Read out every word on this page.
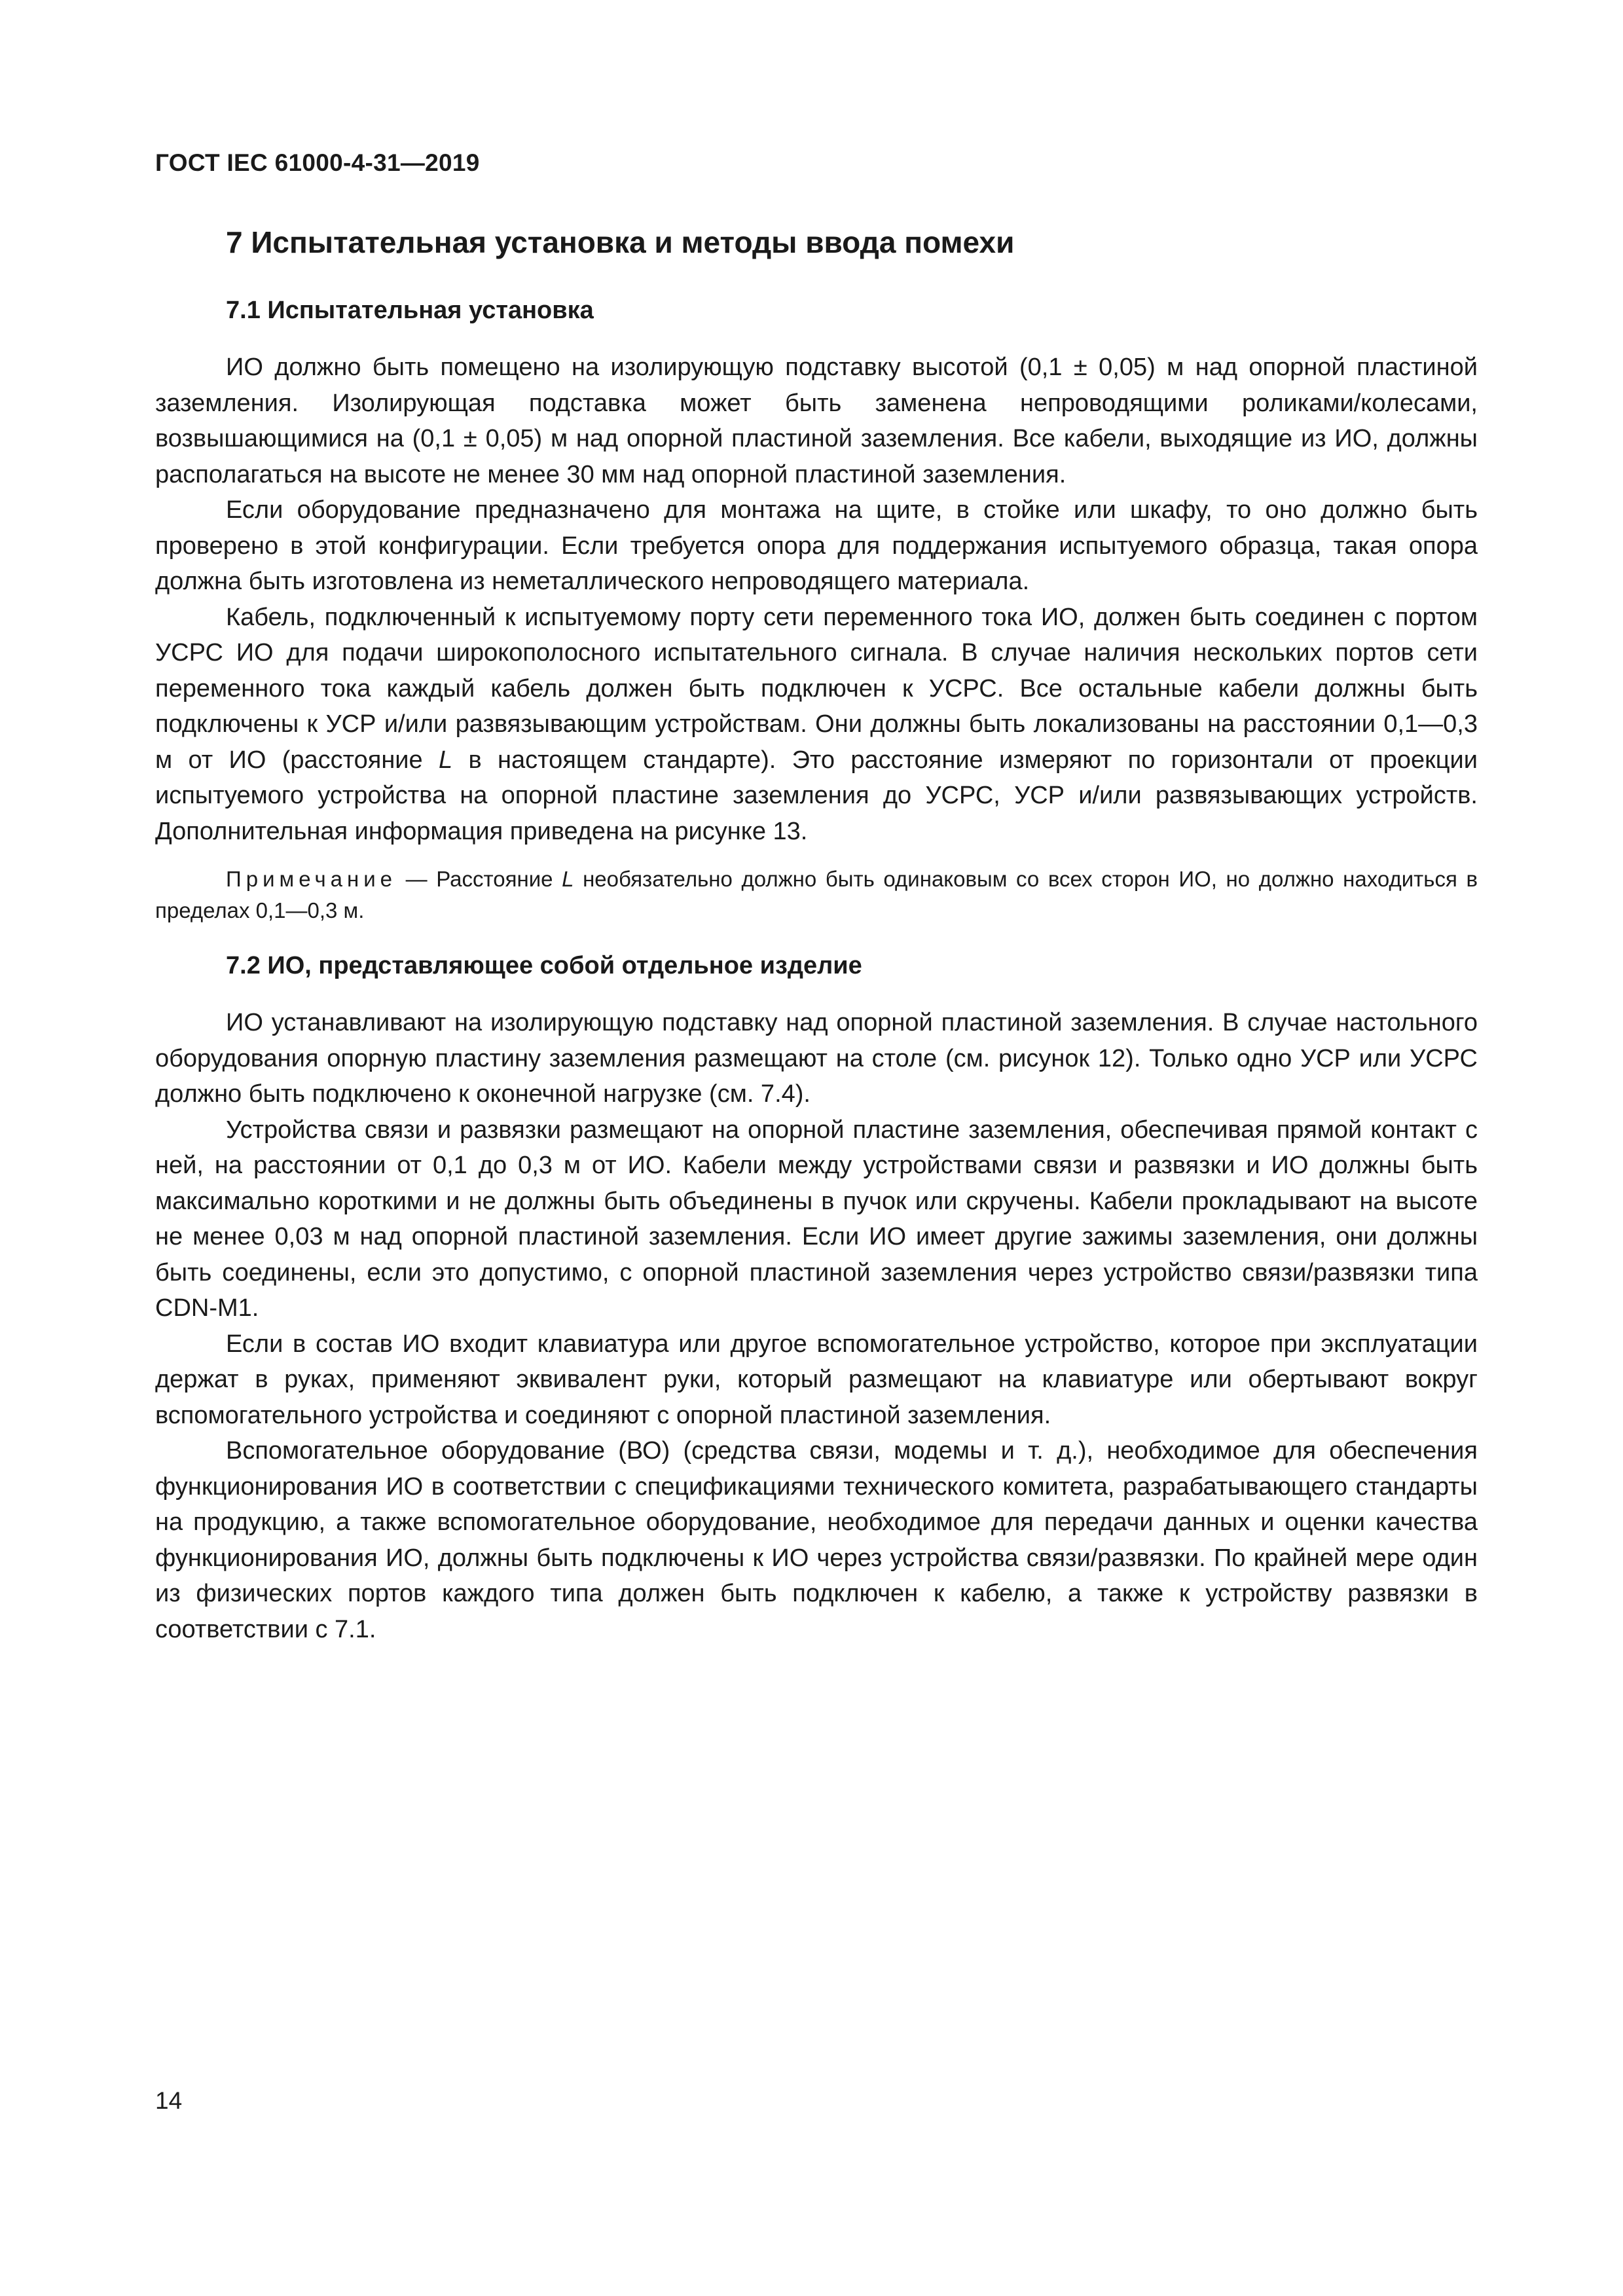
ГОСТ IEC 61000-4-31—2019
7 Испытательная установка и методы ввода помехи
7.1 Испытательная установка

ИО должно быть помещено на изолирующую подставку высотой (0,1 ± 0,05) м над опорной пластиной заземления. Изолирующая подставка может быть заменена непроводящими роликами/колесами, возвышающимися на (0,1 ± 0,05) м над опорной пластиной заземления. Все кабели, выходящие из ИО, должны располагаться на высоте не менее 30 мм над опорной пластиной заземления.

Если оборудование предназначено для монтажа на щите, в стойке или шкафу, то оно должно быть проверено в этой конфигурации. Если требуется опора для поддержания испытуемого образца, такая опора должна быть изготовлена из неметаллического непроводящего материала.

Кабель, подключенный к испытуемому порту сети переменного тока ИО, должен быть соединен с портом УСРС ИО для подачи широкополосного испытательного сигнала. В случае наличия нескольких портов сети переменного тока каждый кабель должен быть подключен к УСРС. Все остальные кабели должны быть подключены к УСР и/или развязывающим устройствам. Они должны быть локализованы на расстоянии 0,1—0,3 м от ИО (расстояние L в настоящем стандарте). Это расстояние измеряют по горизонтали от проекции испытуемого устройства на опорной пластине заземления до УСРС, УСР и/или развязывающих устройств. Дополнительная информация приведена на рисунке 13.

Примечание — Расстояние L необязательно должно быть одинаковым со всех сторон ИО, но должно находиться в пределах 0,1—0,3 м.

7.2 ИО, представляющее собой отдельное изделие

ИО устанавливают на изолирующую подставку над опорной пластиной заземления. В случае настольного оборудования опорную пластину заземления размещают на столе (см. рисунок 12). Только одно УСР или УСРС должно быть подключено к оконечной нагрузке (см. 7.4).

Устройства связи и развязки размещают на опорной пластине заземления, обеспечивая прямой контакт с ней, на расстоянии от 0,1 до 0,3 м от ИО. Кабели между устройствами связи и развязки и ИО должны быть максимально короткими и не должны быть объединены в пучок или скручены. Кабели прокладывают на высоте не менее 0,03 м над опорной пластиной заземления. Если ИО имеет другие зажимы заземления, они должны быть соединены, если это допустимо, с опорной пластиной заземления через устройство связи/развязки типа CDN-M1.

Если в состав ИО входит клавиатура или другое вспомогательное устройство, которое при эксплуатации держат в руках, применяют эквивалент руки, который размещают на клавиатуре или обертывают вокруг вспомогательного устройства и соединяют с опорной пластиной заземления.

Вспомогательное оборудование (ВО) (средства связи, модемы и т. д.), необходимое для обеспечения функционирования ИО в соответствии с спецификациями технического комитета, разрабатывающего стандарты на продукцию, а также вспомогательное оборудование, необходимое для передачи данных и оценки качества функционирования ИО, должны быть подключены к ИО через устройства связи/развязки. По крайней мере один из физических портов каждого типа должен быть подключен к кабелю, а также к устройству развязки в соответствии с 7.1.

14
